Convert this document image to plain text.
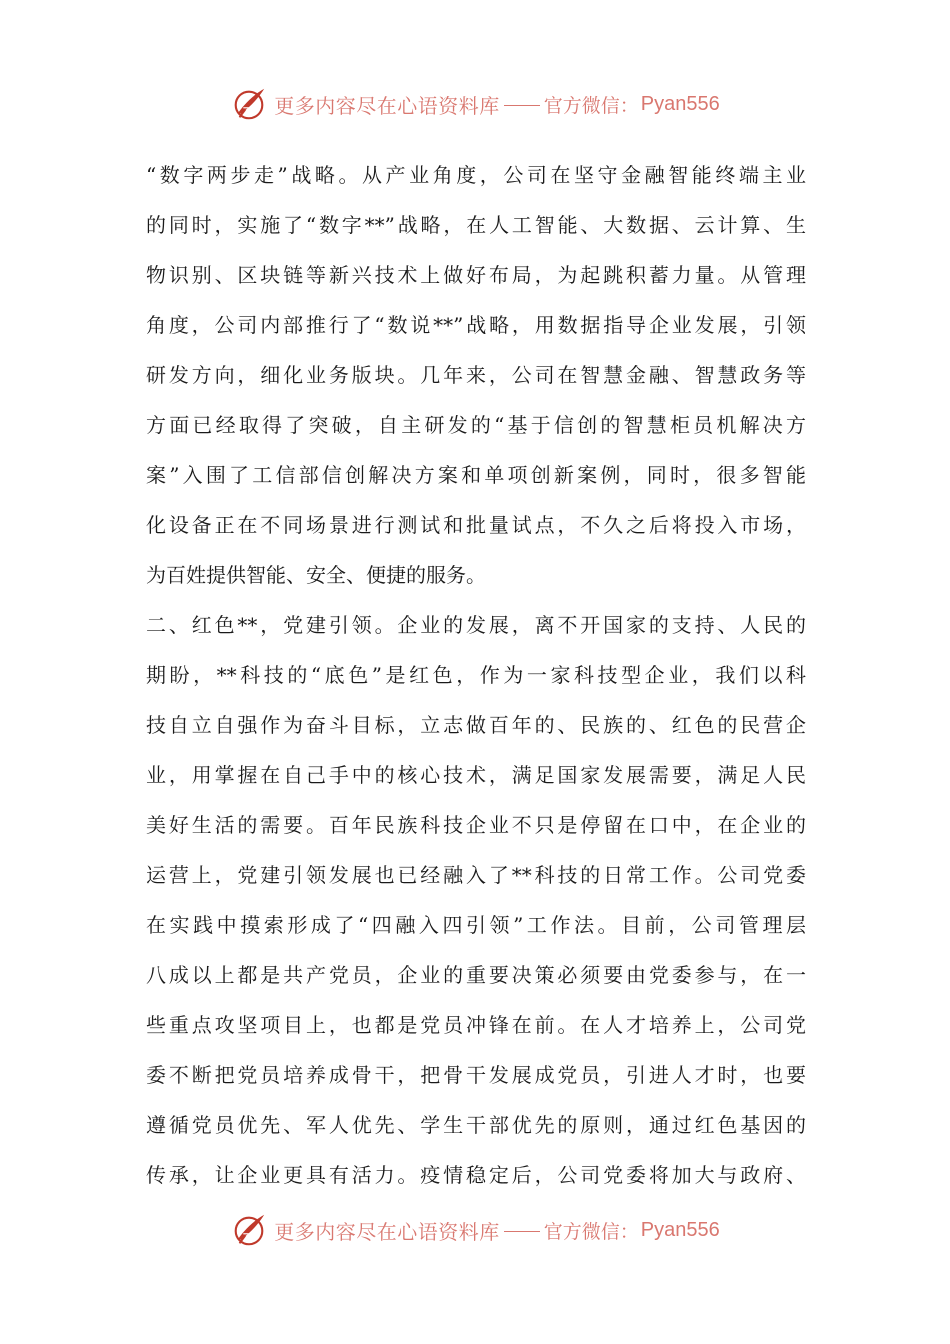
更多内容尽在心语资料库 官方微信： Pyan556
“数字两步走”战略。从产业角度，公司在坚守金融智能终端主业
的同时，实施了“数字**”战略，在人工智能、大数据、云计算、生
物识别、区块链等新兴技术上做好布局，为起跳积蓄力量。从管理
角度，公司内部推行了“数说**”战略，用数据指导企业发展，引领
研发方向，细化业务版块。几年来，公司在智慧金融、智慧政务等
方面已经取得了突破，自主研发的“基于信创的智慧柜员机解决方
案”入围了工信部信创解决方案和单项创新案例，同时，很多智能
化设备正在不同场景进行测试和批量试点，不久之后将投入市场，
为百姓提供智能、安全、便捷的服务。
二、红色**，党建引领。企业的发展，离不开国家的支持、人民的
期盼，**科技的“底色”是红色，作为一家科技型企业，我们以科
技自立自强作为奋斗目标，立志做百年的、民族的、红色的民营企
业，用掌握在自己手中的核心技术，满足国家发展需要，满足人民
美好生活的需要。百年民族科技企业不只是停留在口中，在企业的
运营上，党建引领发展也已经融入了**科技的日常工作。公司党委
在实践中摸索形成了“四融入四引领”工作法。目前，公司管理层
八成以上都是共产党员，企业的重要决策必须要由党委参与，在一
些重点攻坚项目上，也都是党员冲锋在前。在人才培养上，公司党
委不断把党员培养成骨干，把骨干发展成党员，引进人才时，也要
遵循党员优先、军人优先、学生干部优先的原则，通过红色基因的
传承，让企业更具有活力。疫情稳定后，公司党委将加大与政府、
更多内容尽在心语资料库 官方微信： Pyan556
